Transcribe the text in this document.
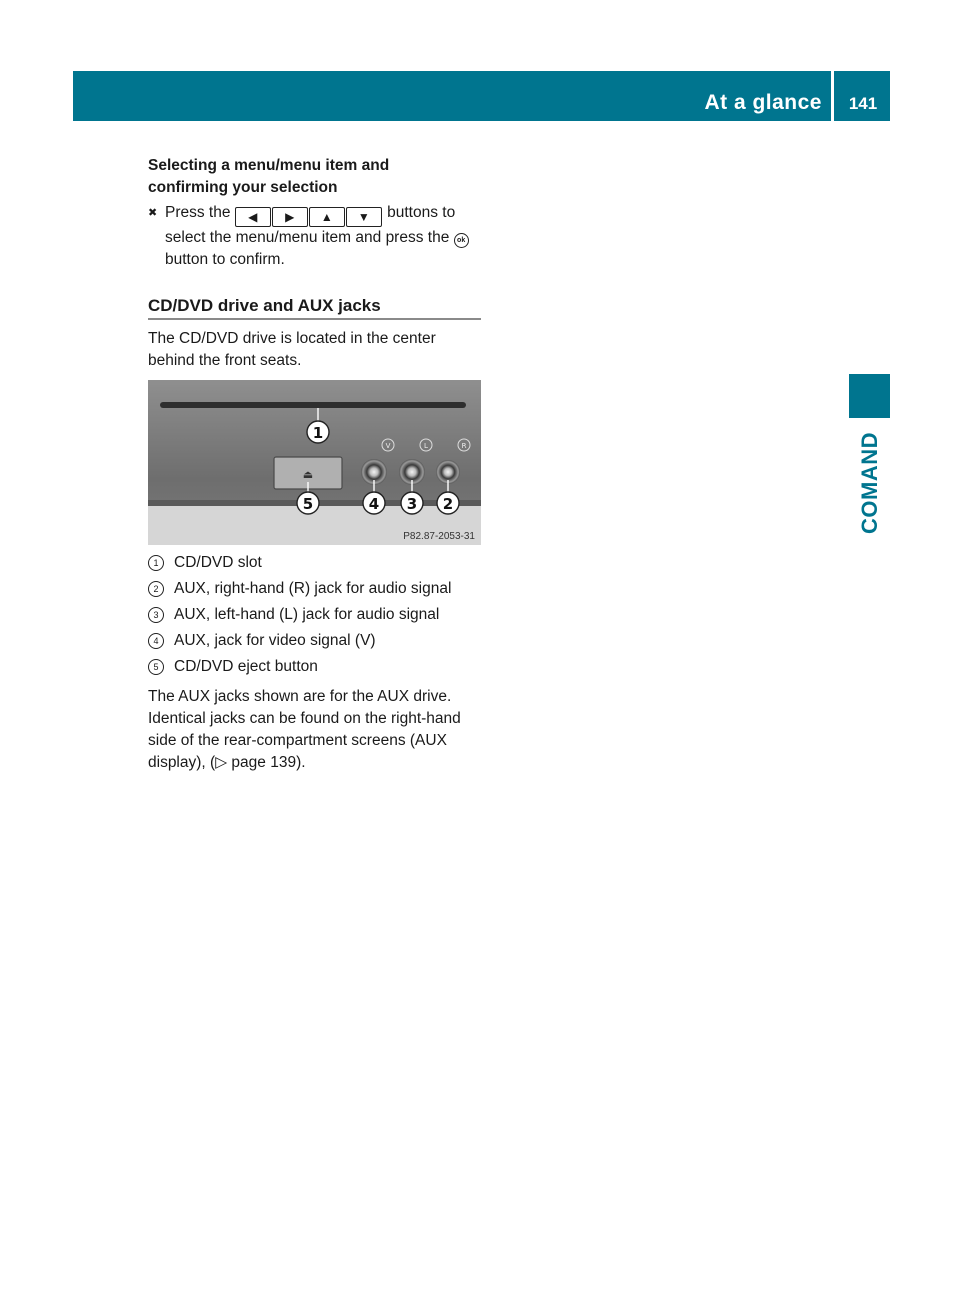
At a glance	141
COMAND
Selecting a menu/menu item and
confirming your selection
✖ Press the ◀ ▶ ▲ ▼ buttons to select the menu/menu item and press the ok button to confirm.
CD/DVD drive and AUX jacks
The CD/DVD drive is located in the center behind the front seats.
⏏
V	L	R
1
5	4 3 2
P82.87-2053-31
1	CD/DVD slot
2	AUX, right-hand (R) jack for audio signal
3	AUX, left-hand (L) jack for audio signal
4	AUX, jack for video signal (V)
5	CD/DVD eject button
The AUX jacks shown are for the AUX drive. Identical jacks can be found on the right-hand side of the rear-compartment screens (AUX display), (▷ page 139).
